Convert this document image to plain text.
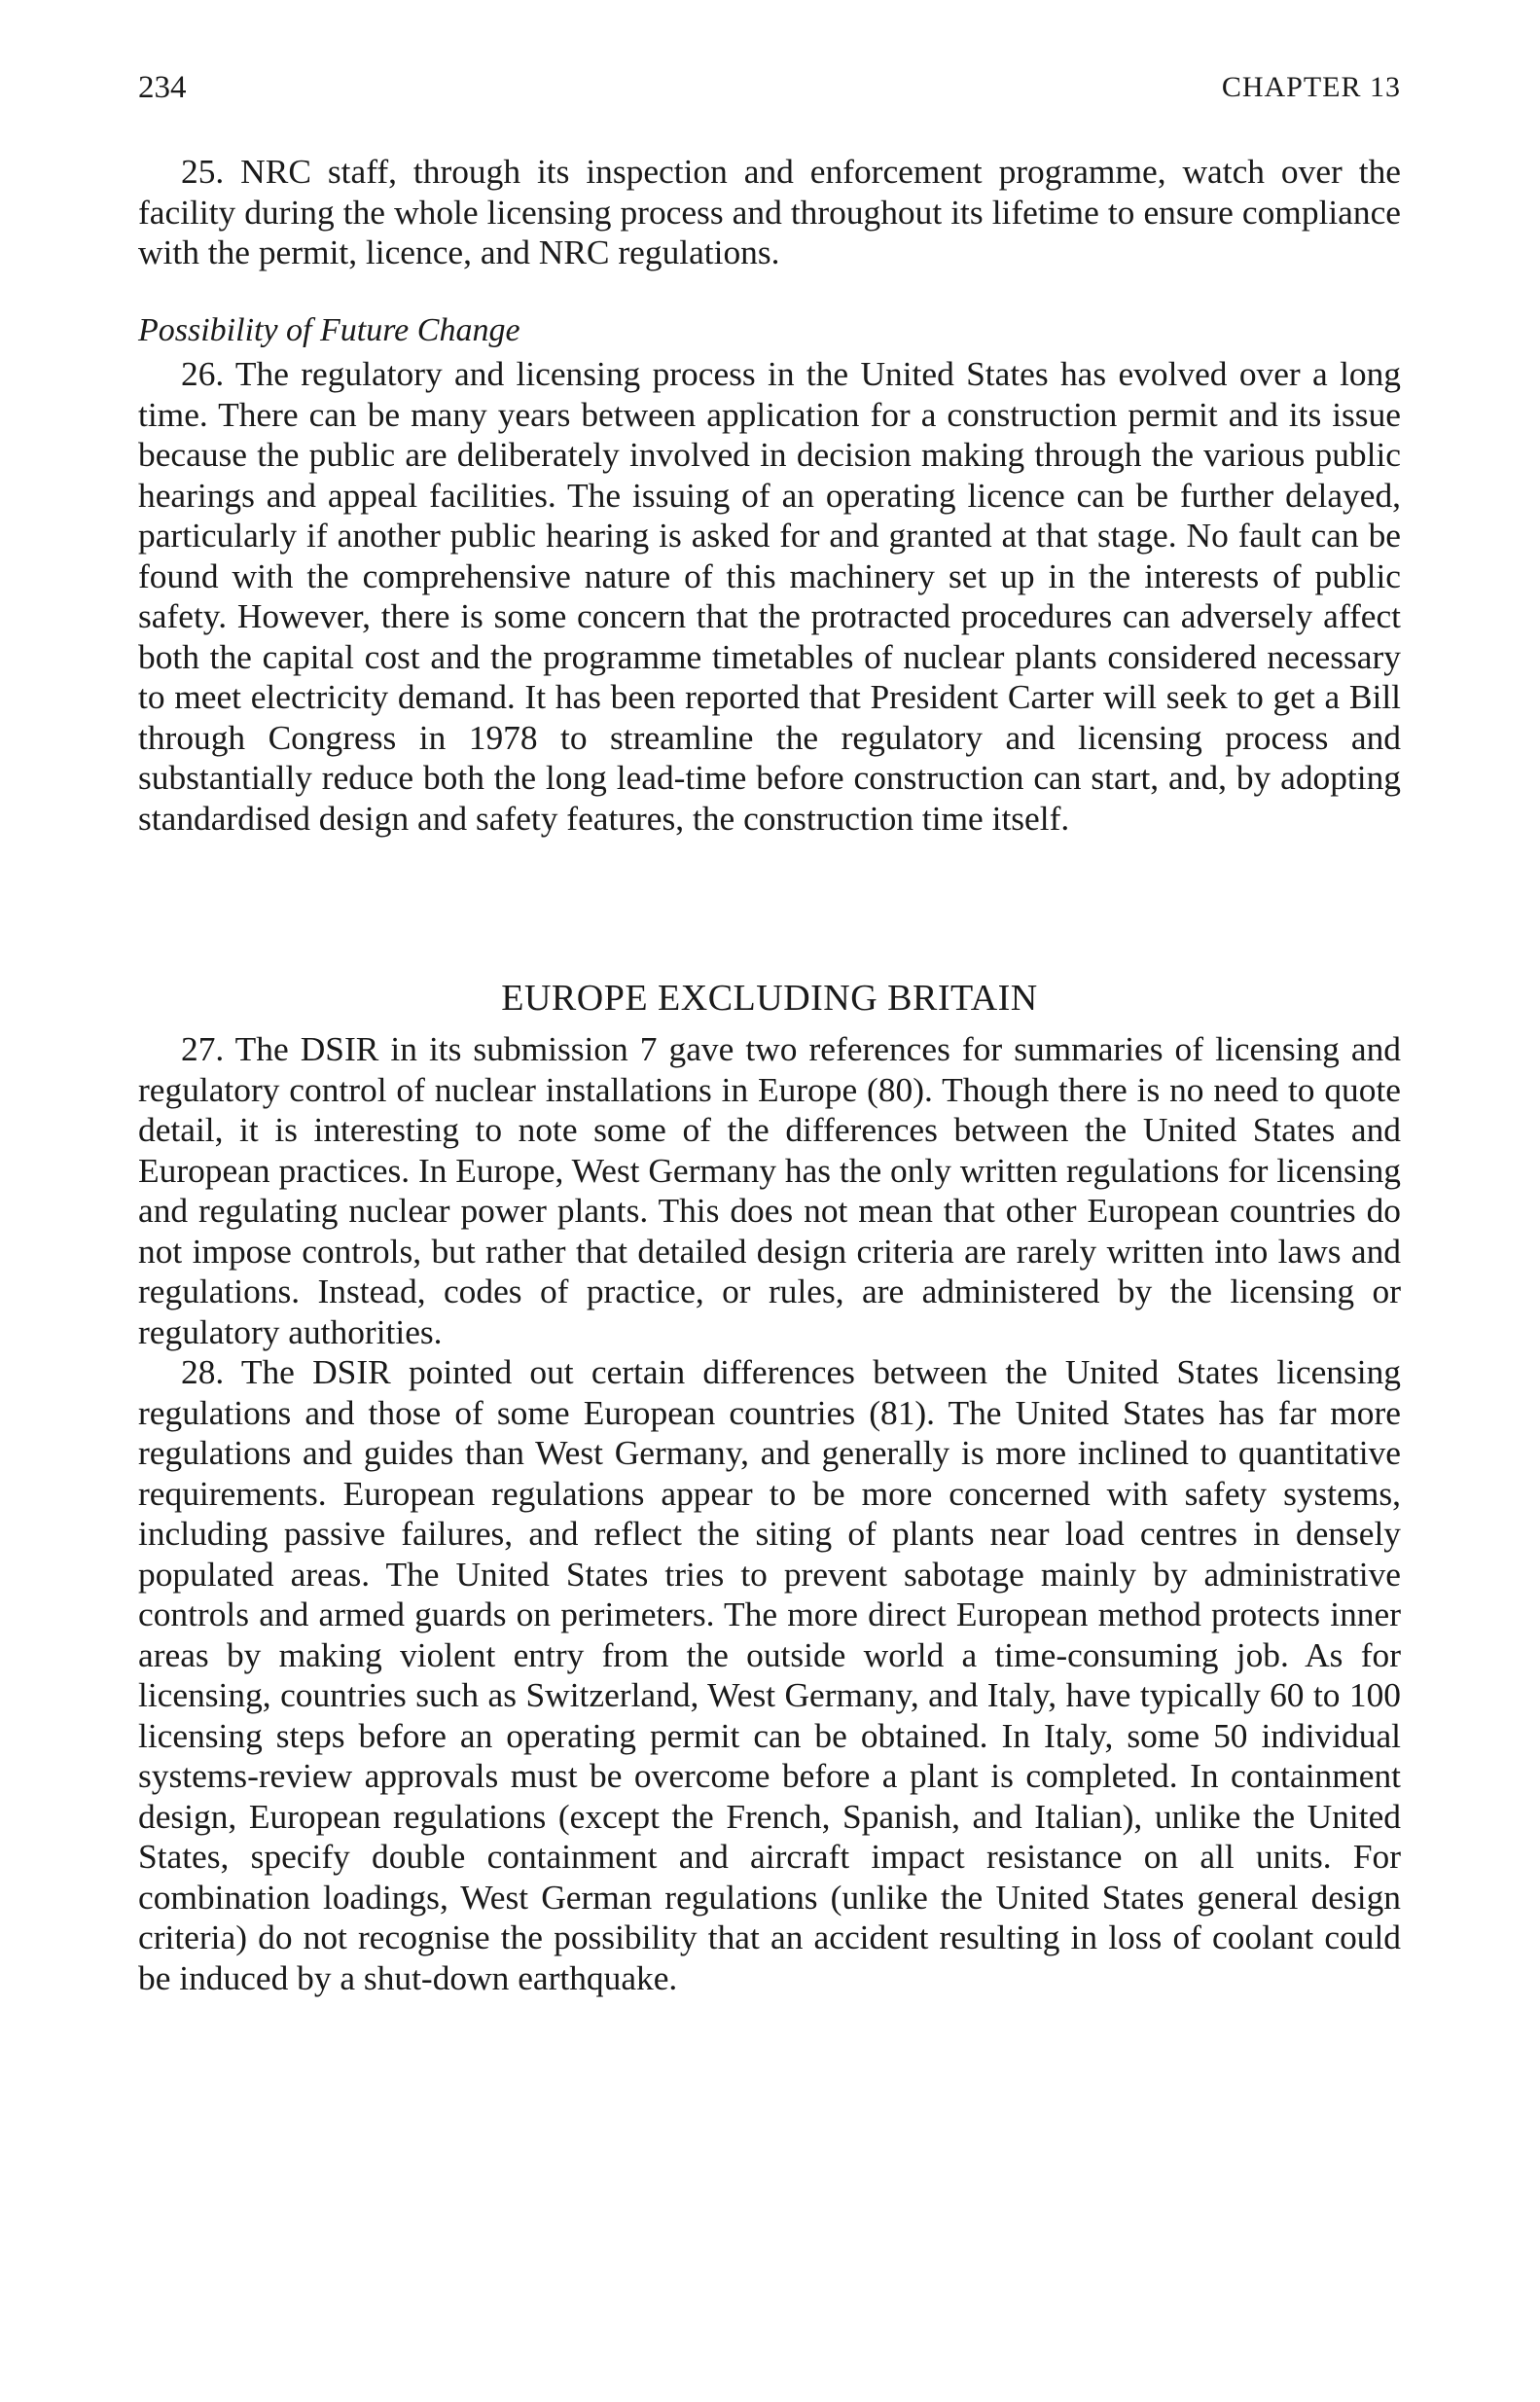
234	CHAPTER 13

25. NRC staff, through its inspection and enforcement programme, watch over the facility during the whole licensing process and throughout its lifetime to ensure compliance with the permit, licence, and NRC regulations.

Possibility of Future Change

26. The regulatory and licensing process in the United States has evolved over a long time. There can be many years between application for a construction permit and its issue because the public are deliberately involved in decision making through the various public hearings and appeal facilities. The issuing of an operating licence can be further delayed, particularly if another public hearing is asked for and granted at that stage. No fault can be found with the comprehensive nature of this machinery set up in the interests of public safety. However, there is some concern that the protracted procedures can adversely affect both the capital cost and the programme timetables of nuclear plants considered necessary to meet electricity demand. It has been reported that President Carter will seek to get a Bill through Congress in 1978 to streamline the regulatory and licensing process and substantially reduce both the long lead-time before construction can start, and, by adopting standardised design and safety features, the construction time itself.

EUROPE EXCLUDING BRITAIN

27. The DSIR in its submission 7 gave two references for summaries of licensing and regulatory control of nuclear installations in Europe (80). Though there is no need to quote detail, it is interesting to note some of the differences between the United States and European practices. In Europe, West Germany has the only written regulations for licensing and regulating nuclear power plants. This does not mean that other European countries do not impose controls, but rather that detailed design criteria are rarely written into laws and regulations. Instead, codes of practice, or rules, are administered by the licensing or regulatory authorities.

28. The DSIR pointed out certain differences between the United States licensing regulations and those of some European countries (81). The United States has far more regulations and guides than West Germany, and generally is more inclined to quantitative requirements. European regulations appear to be more concerned with safety systems, including passive failures, and reflect the siting of plants near load centres in densely populated areas. The United States tries to prevent sabotage mainly by administrative controls and armed guards on perimeters. The more direct European method protects inner areas by making violent entry from the outside world a time-consuming job. As for licensing, countries such as Switzerland, West Germany, and Italy, have typically 60 to 100 licensing steps before an operating permit can be obtained. In Italy, some 50 individual systems-review approvals must be overcome before a plant is completed. In containment design, European regulations (except the French, Spanish, and Italian), unlike the United States, specify double containment and aircraft impact resistance on all units. For combination loadings, West German regulations (unlike the United States general design criteria) do not recognise the possibility that an accident resulting in loss of coolant could be induced by a shut-down earthquake.
